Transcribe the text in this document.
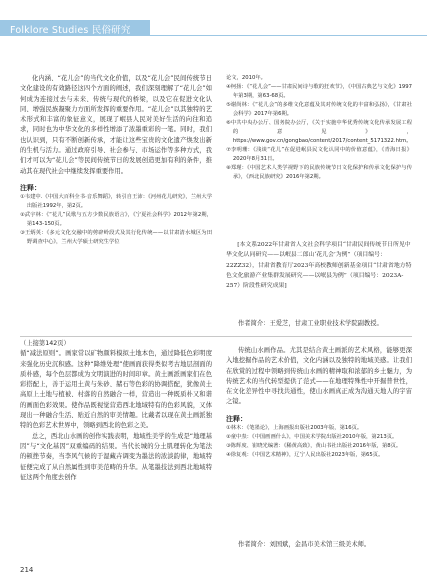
Folklore Studies 民俗研究

化内涵、“花儿会”的当代文化价值，以及“花儿会”民间传统节日文化建设的有效路径这四个方面的阐述，我们深刻理解了“花儿会”如何成为连接过去与未来、传统与现代的桥梁，以及它在促进文化认同、增强民族凝聚力方面所发挥的重要作用。“花儿会”以其独特的艺术形式和丰富的象征意义，展现了岷县人民对美好生活的向往和追求，同时也为中华文化的多样性增添了浓墨重彩的一笔。同时，我们也认识到，只有不断创新传承，才能让这些宝贵的文化遗产焕发出新的生机与活力。通过政府引导、社会参与、市场运作等多种方式，我们才可以为“花儿会”等民间传统节日的发展创造更加有利的条件，推动其在现代社会中继续发挥重要作用。

注释：
①韦建中.《中国大百科全书·音乐舞蹈》，转引自王沛：《河州花儿研究》，兰州大学出版社1992年，第2页。
②武宇林：《“花儿”民歌与五方少数民族语言》，《宁夏社会科学》2012年第2期，第143-150页。
③王炳英：《多元文化交融中的剪辟岭段式及其行化传统——以甘肃清水城区为田野调查中心》，兰州大学硕士研究生学位
论文，2010年。
④柯扬：《“花儿会”——甘肃民间诗与歌的狂欢节》，《中国古典艺与文化》1997年第3期，第63-68页。
⑤谢尚林：《“花儿会”的多维文化意蕴及其对传统文化的丰富和弘扬》，《甘肃社会科学》2017年第6期。
⑥中共中央办公厅、国务院办公厅，《关于实施中华优秀传统文化传承发展工程的意见》，https://www.gov.cn/gongbao/content/2017/content_5171322.htm。
⑦李明珊：《浅谈“花儿”在促进岷县民文化认同中的价值意蕴》，《青海日报》2020年8月31日。
⑧郑瑾：《中国艺术人类学视野下的民族传统节日文化保护和传承文化保护与传承》，《西北民族研究》2016年第2期。

[本文系2022年甘肃省人文社会科学项目“甘肃民间传统节日所见中华文化认同研究——以岷县二郎山‘花儿会’为例”（项目编号：22ZZ32），甘肃省教育厅2023年高校教师创新基金项目“甘肃省地方特色文化旅游产业集群发展研究——以岷县为例”（项目编号：2023A-257）阶段性研究成果]

作者简介：王爱芝，甘肃工业职业技术学院副教授。

（上接第142页）

循“减法原则”。画家常以矿物颜料模拟土地本色，通过降低色彩明度来强化历史沉积感。这种“降维处理”使画面获得类似考古地层剖面的质朴感，每个色层都成为文明演进的时间印章。黄土画派画家们在色彩搭配上，善于运用土黄与朱砂、赭石等色彩的协调搭配，犹像黄土高原上土地与植被、村落的自然融合一样，营造出一种既质朴又和谐的画面色彩效果。使作品既视觉营造西北地域特有的色彩风貌，又体现出一种融合生活、贴近自然的审美情趣。比戴者以现在黄土画派独特的色彩艺术世界中，领略到西北的色彩之美。

总之，西北山水画的创作实践表明，地域性美学的生成是“地理基因”与“文化基因”双重编码的结果。当代长城的分土肌理转化为笔法的顿挫节奏，当李风气候的于湿藏卉调变为墨法的浓淡韵律，地域特征便完成了从自然属性到审美范畴的升华。从笔墨技法到西北地域特征这两个角度去创作

传统山水画作品。尤其是结合黄土画派的艺术风格，能够更深入地挖掘作品的艺术价值，文化内涵以及独特的地域美感。让我们在欣赏的过程中领略到传统山水画的精神取和浓郁的乡土魅力，为传统艺术的当代转型提供了范式——在地理特殊性中开掘普世性，在文化差异性中寻找共通性，使山水画真正成为沟通天地人的宇宙之镜。

注释：
①林木：《笔墨论》，上海画报出版社2003年版，第16页。
②童中焘：《中国画画什么》，中国美术学院出版社2010年版，第213页。
③陈辉度、崔晓光编著：《稀黄高致》，黄山书社出版社2016年版，第8页。
④徐复观：《中国艺术精神》，辽宁人民出版社2023年版，第65页。

作者简介：刘国斌，金昌市美术馆三级美术师。

214
